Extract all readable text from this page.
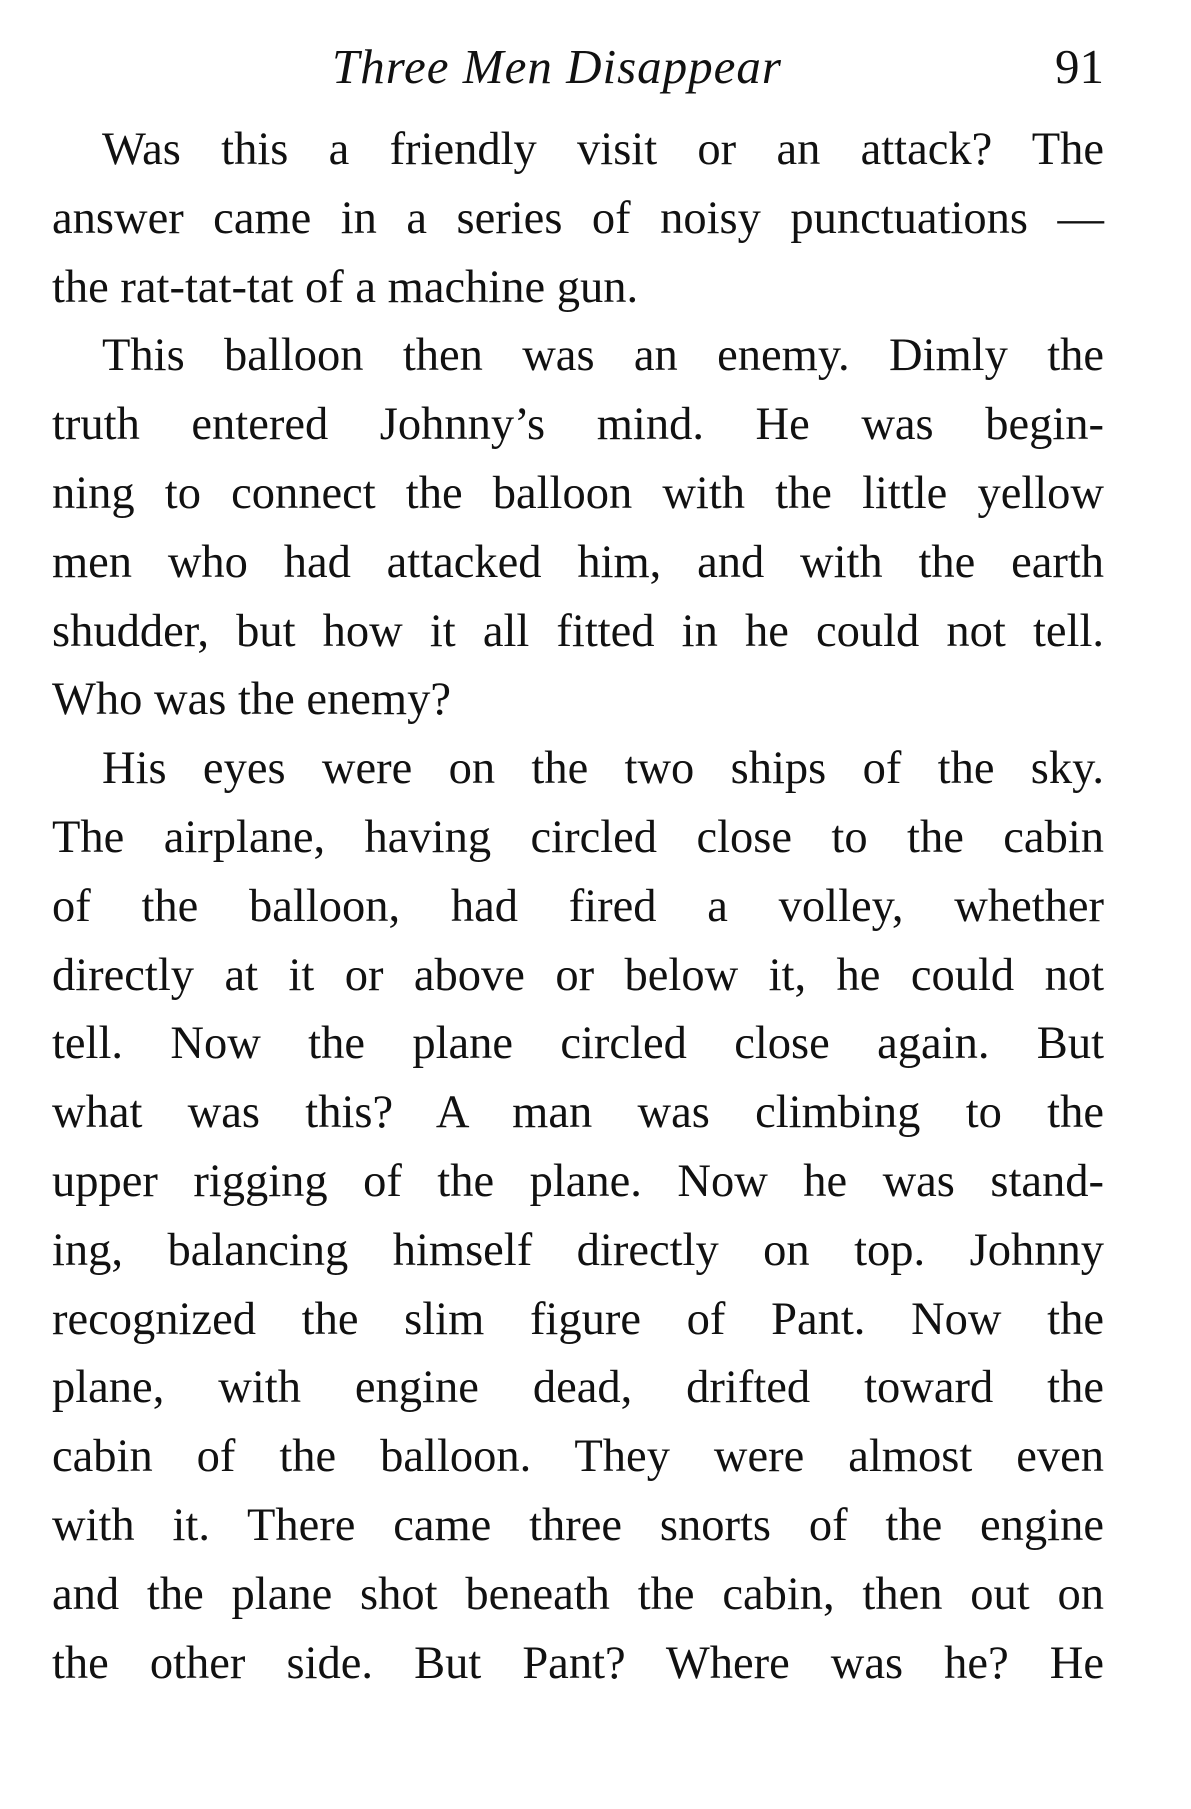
Three Men Disappear	91
Was this a friendly visit or an attack? The
answer came in a series of noisy punctuations —
the rat-tat-tat of a machine gun.
This balloon then was an enemy. Dimly the
truth entered Johnny’s mind. He was begin-
ning to connect the balloon with the little yellow
men who had attacked him, and with the earth
shudder, but how it all fitted in he could not tell.
Who was the enemy?
His eyes were on the two ships of the sky.
The airplane, having circled close to the cabin
of the balloon, had fired a volley, whether
directly at it or above or below it, he could not
tell. Now the plane circled close again. But
what was this? A man was climbing to the
upper rigging of the plane. Now he was stand-
ing, balancing himself directly on top. Johnny
recognized the slim figure of Pant. Now the
plane, with engine dead, drifted toward the
cabin of the balloon. They were almost even
with it. There came three snorts of the engine
and the plane shot beneath the cabin, then out on
the other side. But Pant? Where was he? He
